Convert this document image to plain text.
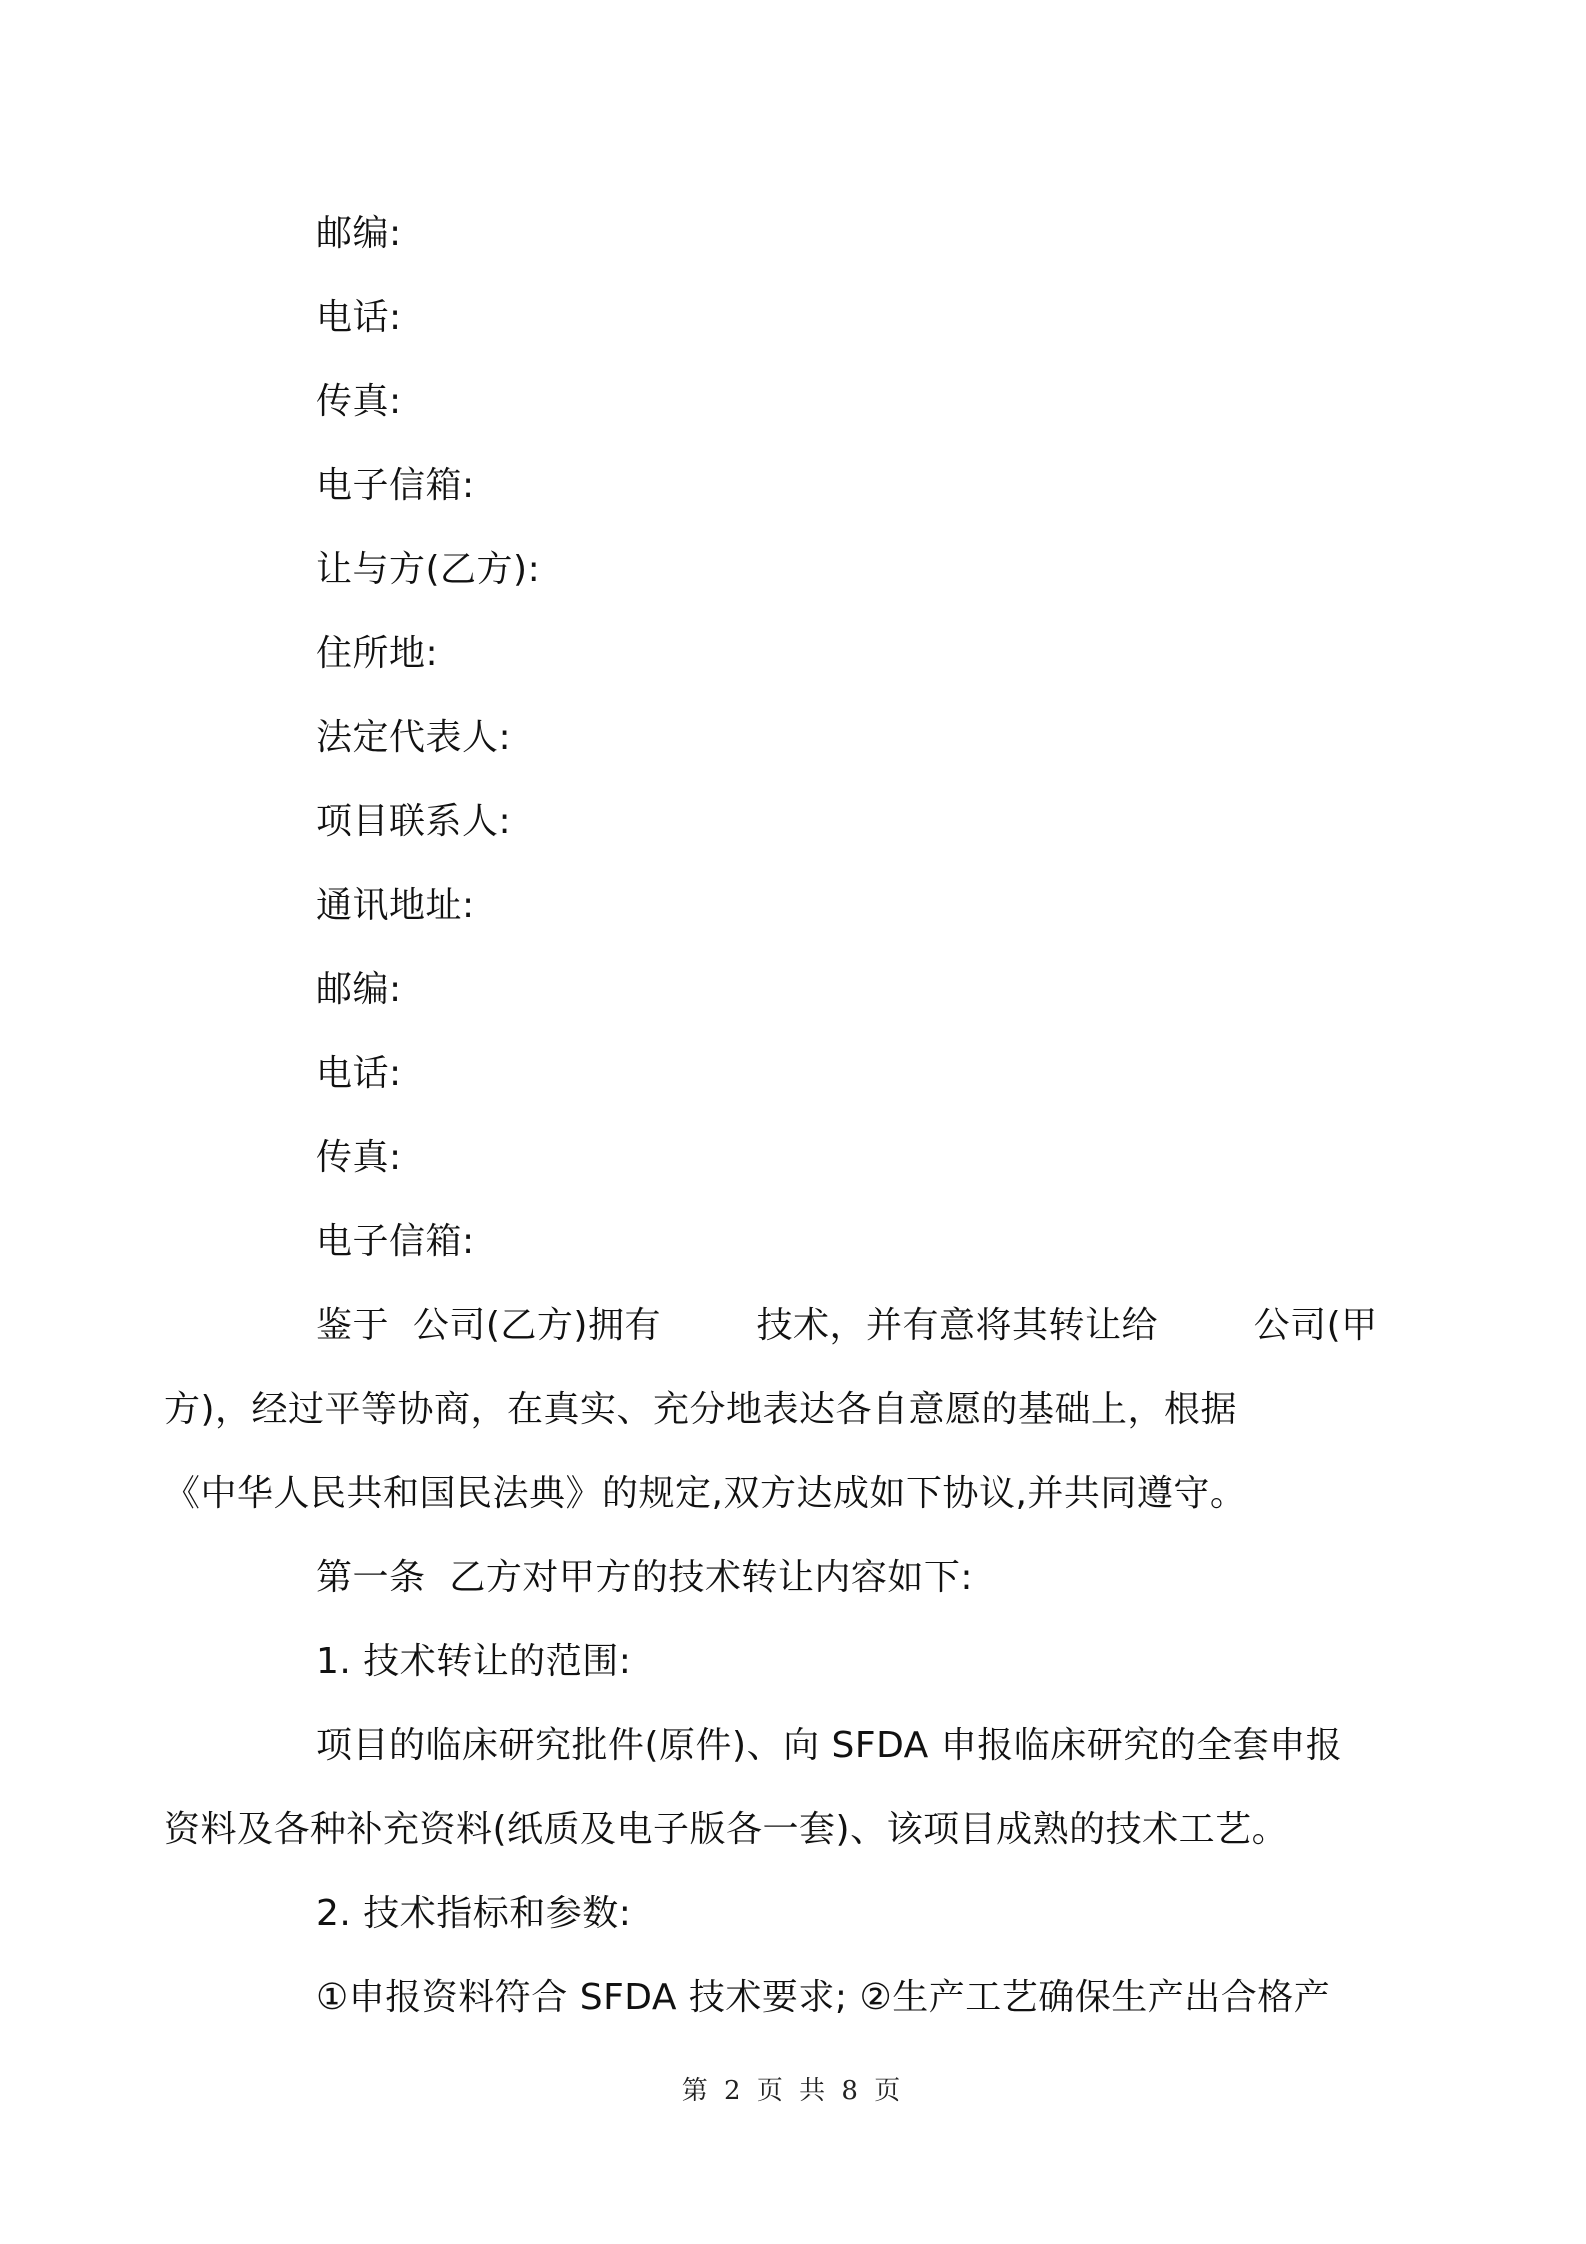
邮编:
电话:
传真:
电子信箱:
让与方(乙方):
住所地:
法定代表人:
项目联系人:
通讯地址:
邮编:
电话:
传真:
电子信箱:
鉴于  公司(乙方)拥有        技术，并有意将其转让给        公司(甲
方)，经过平等协商，在真实、充分地表达各自意愿的基础上，根据
《中华人民共和国民法典》的规定,双方达成如下协议,并共同遵守。
第一条  乙方对甲方的技术转让内容如下:
1. 技术转让的范围:
项目的临床研究批件(原件)、向 SFDA 申报临床研究的全套申报
资料及各种补充资料(纸质及电子版各一套)、该项目成熟的技术工艺。
2. 技术指标和参数:
①申报资料符合 SFDA 技术要求; ②生产工艺确保生产出合格产
第 2 页 共 8 页
